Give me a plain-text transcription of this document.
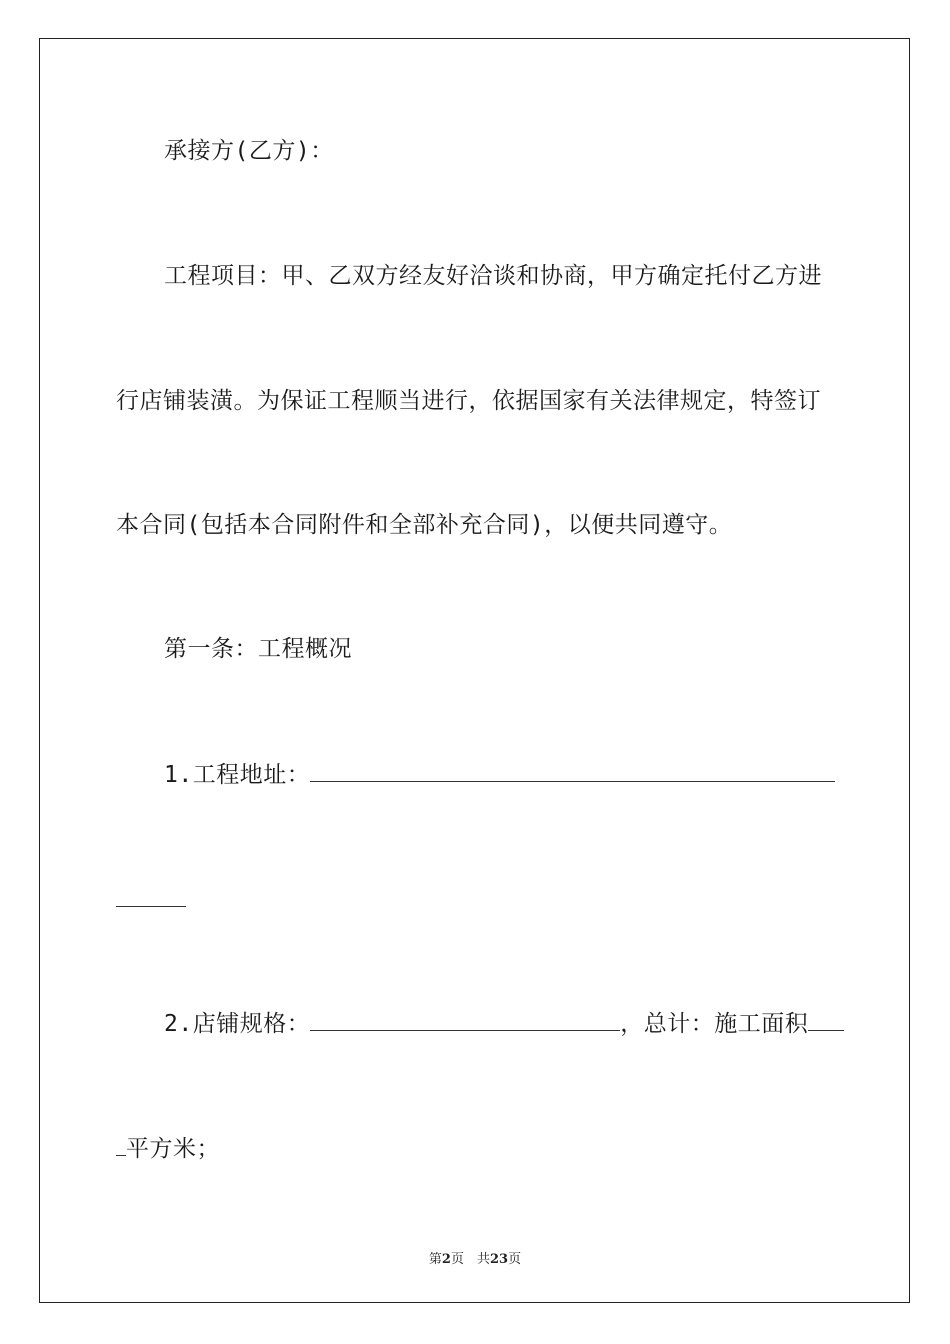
承接方(乙方)：
工程项目：甲、乙双方经友好洽谈和协商，甲方确定托付乙方进
行店铺装潢。为保证工程顺当进行，依据国家有关法律规定，特签订
本合同(包括本合同附件和全部补充合同)，以便共同遵守。
第一条：工程概况
1.工程地址：
2.店铺规格：	，总计：施工面积
平方米；
第2页　共23页
